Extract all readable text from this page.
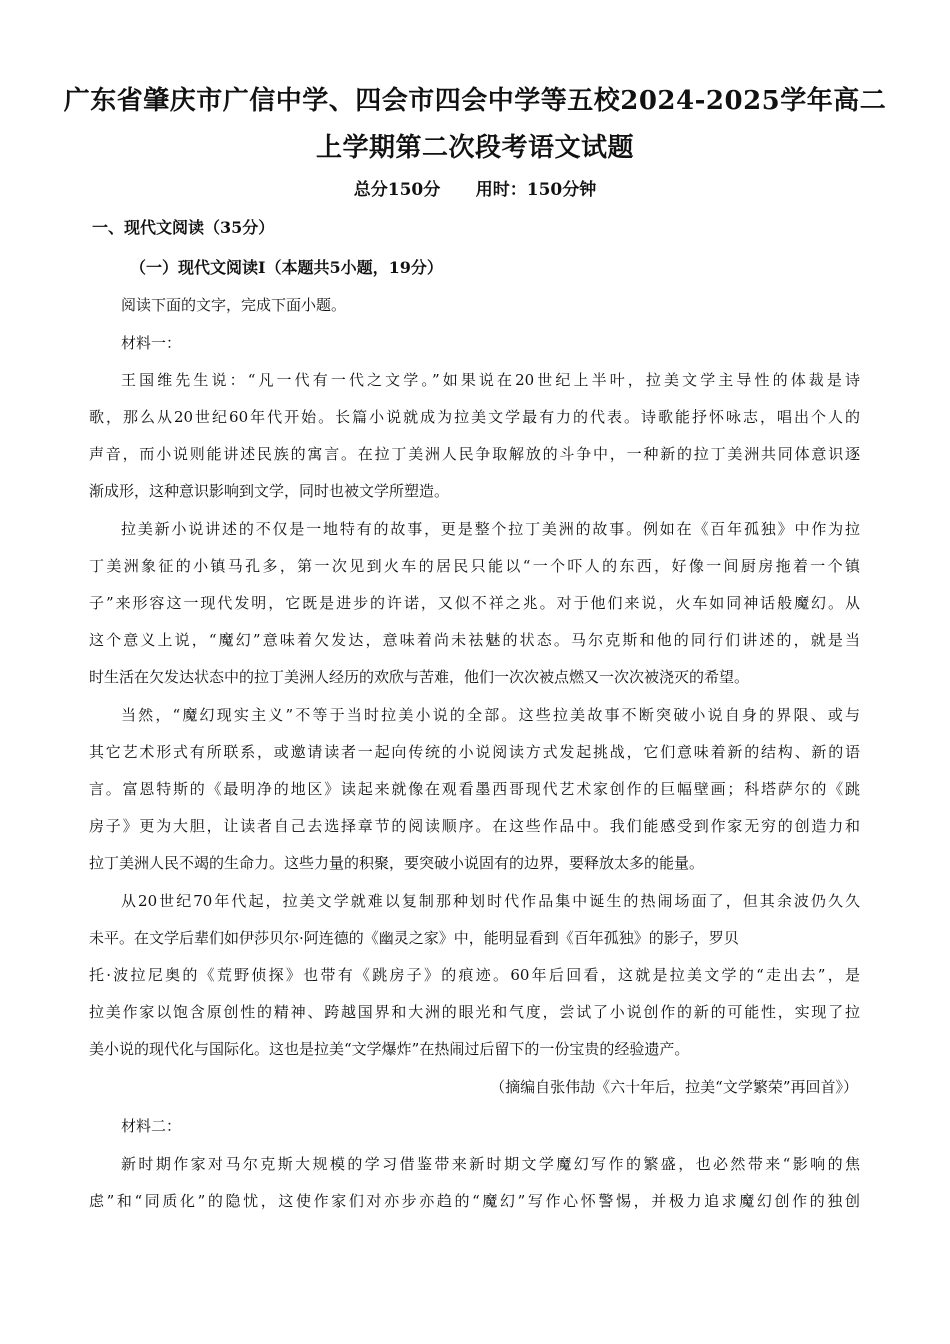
广东省肇庆市广信中学、四会市四会中学等五校2024-2025学年高二
上学期第二次段考语文试题
总分150分 用时：150分钟
一、现代文阅读（35分）
（一）现代文阅读Ⅰ（本题共5小题，19分）
阅读下面的文字，完成下面小题。
材料一：
王国维先生说：“凡一代有一代之文学。”如果说在20世纪上半叶，拉美文学主导性的体裁是诗
歌，那么从20世纪60年代开始。长篇小说就成为拉美文学最有力的代表。诗歌能抒怀咏志，唱出个人的
声音，而小说则能讲述民族的寓言。在拉丁美洲人民争取解放的斗争中，一种新的拉丁美洲共同体意识逐
渐成形，这种意识影响到文学，同时也被文学所塑造。
拉美新小说讲述的不仅是一地特有的故事，更是整个拉丁美洲的故事。例如在《百年孤独》中作为拉
丁美洲象征的小镇马孔多，第一次见到火车的居民只能以“一个吓人的东西，好像一间厨房拖着一个镇
子”来形容这一现代发明，它既是进步的许诺，又似不祥之兆。对于他们来说，火车如同神话般魔幻。从
这个意义上说，“魔幻”意味着欠发达，意味着尚未祛魅的状态。马尔克斯和他的同行们讲述的，就是当
时生活在欠发达状态中的拉丁美洲人经历的欢欣与苦难，他们一次次被点燃又一次次被浇灭的希望。
当然，“魔幻现实主义”不等于当时拉美小说的全部。这些拉美故事不断突破小说自身的界限、或与
其它艺术形式有所联系，或邀请读者一起向传统的小说阅读方式发起挑战，它们意味着新的结构、新的语
言。富恩特斯的《最明净的地区》读起来就像在观看墨西哥现代艺术家创作的巨幅壁画；科塔萨尔的《跳
房子》更为大胆，让读者自己去选择章节的阅读顺序。在这些作品中。我们能感受到作家无穷的创造力和
拉丁美洲人民不竭的生命力。这些力量的积聚，要突破小说固有的边界，要释放太多的能量。
从20世纪70年代起，拉美文学就难以复制那种划时代作品集中诞生的热闹场面了，但其余波仍久久
未平。在文学后辈们如伊莎贝尔·阿连德的《幽灵之家》中，能明显看到《百年孤独》的影子，罗贝
托·波拉尼奥的《荒野侦探》也带有《跳房子》的痕迹。60年后回看，这就是拉美文学的“走出去”，是
拉美作家以饱含原创性的精神、跨越国界和大洲的眼光和气度，尝试了小说创作的新的可能性，实现了拉
美小说的现代化与国际化。这也是拉美“文学爆炸”在热闹过后留下的一份宝贵的经验遗产。
（摘编自张伟劼《六十年后，拉美“文学繁荣”再回首》）
材料二：
新时期作家对马尔克斯大规模的学习借鉴带来新时期文学魔幻写作的繁盛，也必然带来“影响的焦
虑”和“同质化”的隐忧，这使作家们对亦步亦趋的“魔幻”写作心怀警惕，并极力追求魔幻创作的独创
